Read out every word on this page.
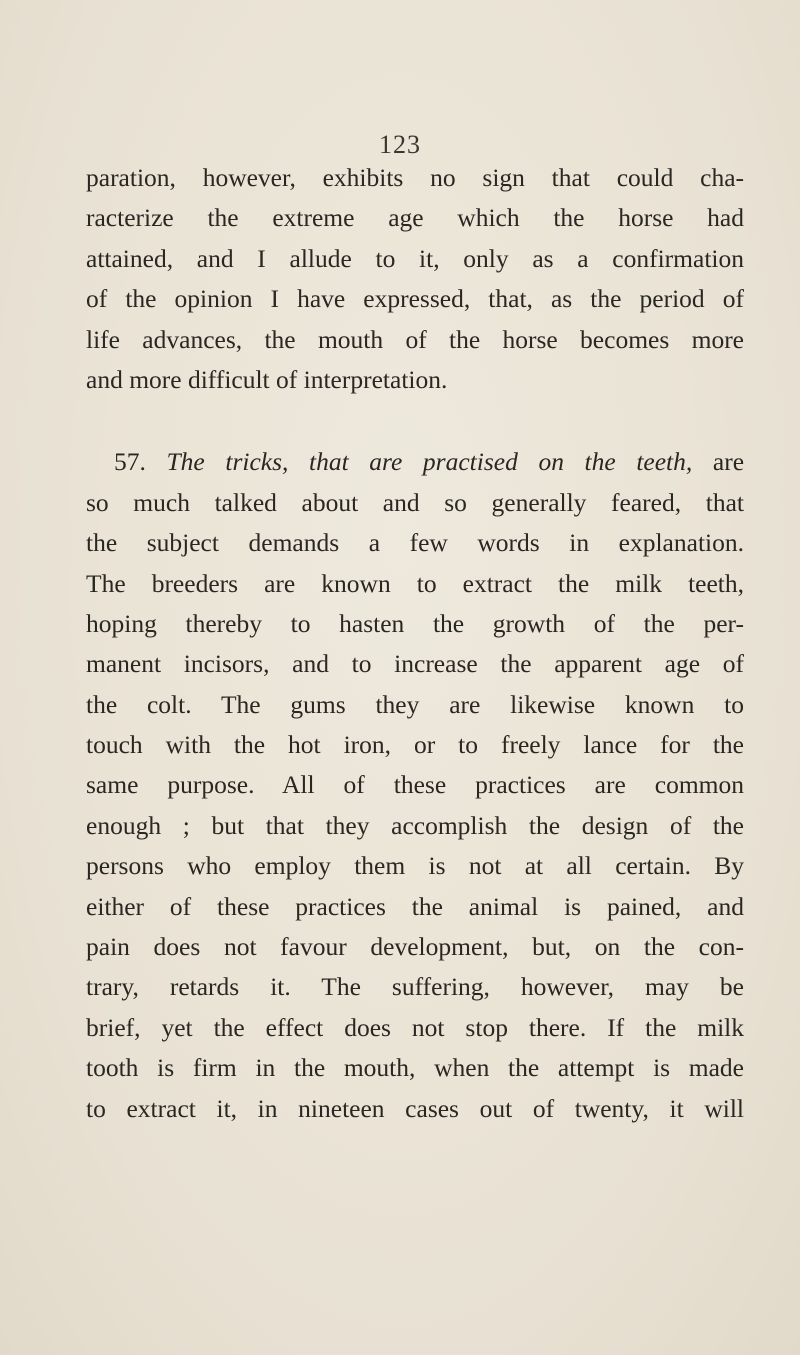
123
paration, however, exhibits no sign that could cha-
racterize the extreme age which the horse had
attained, and I allude to it, only as a confirmation
of the opinion I have expressed, that, as the period of
life advances, the mouth of the horse becomes more
and more difficult of interpretation.
57. The tricks, that are practised on the teeth, are
so much talked about and so generally feared, that
the subject demands a few words in explanation.
The breeders are known to extract the milk teeth,
hoping thereby to hasten the growth of the per-
manent incisors, and to increase the apparent age of
the colt. The gums they are likewise known to
touch with the hot iron, or to freely lance for the
same purpose. All of these practices are common
enough ; but that they accomplish the design of the
persons who employ them is not at all certain. By
either of these practices the animal is pained, and
pain does not favour development, but, on the con-
trary, retards it. The suffering, however, may be
brief, yet the effect does not stop there. If the milk
tooth is firm in the mouth, when the attempt is made
to extract it, in nineteen cases out of twenty, it will
